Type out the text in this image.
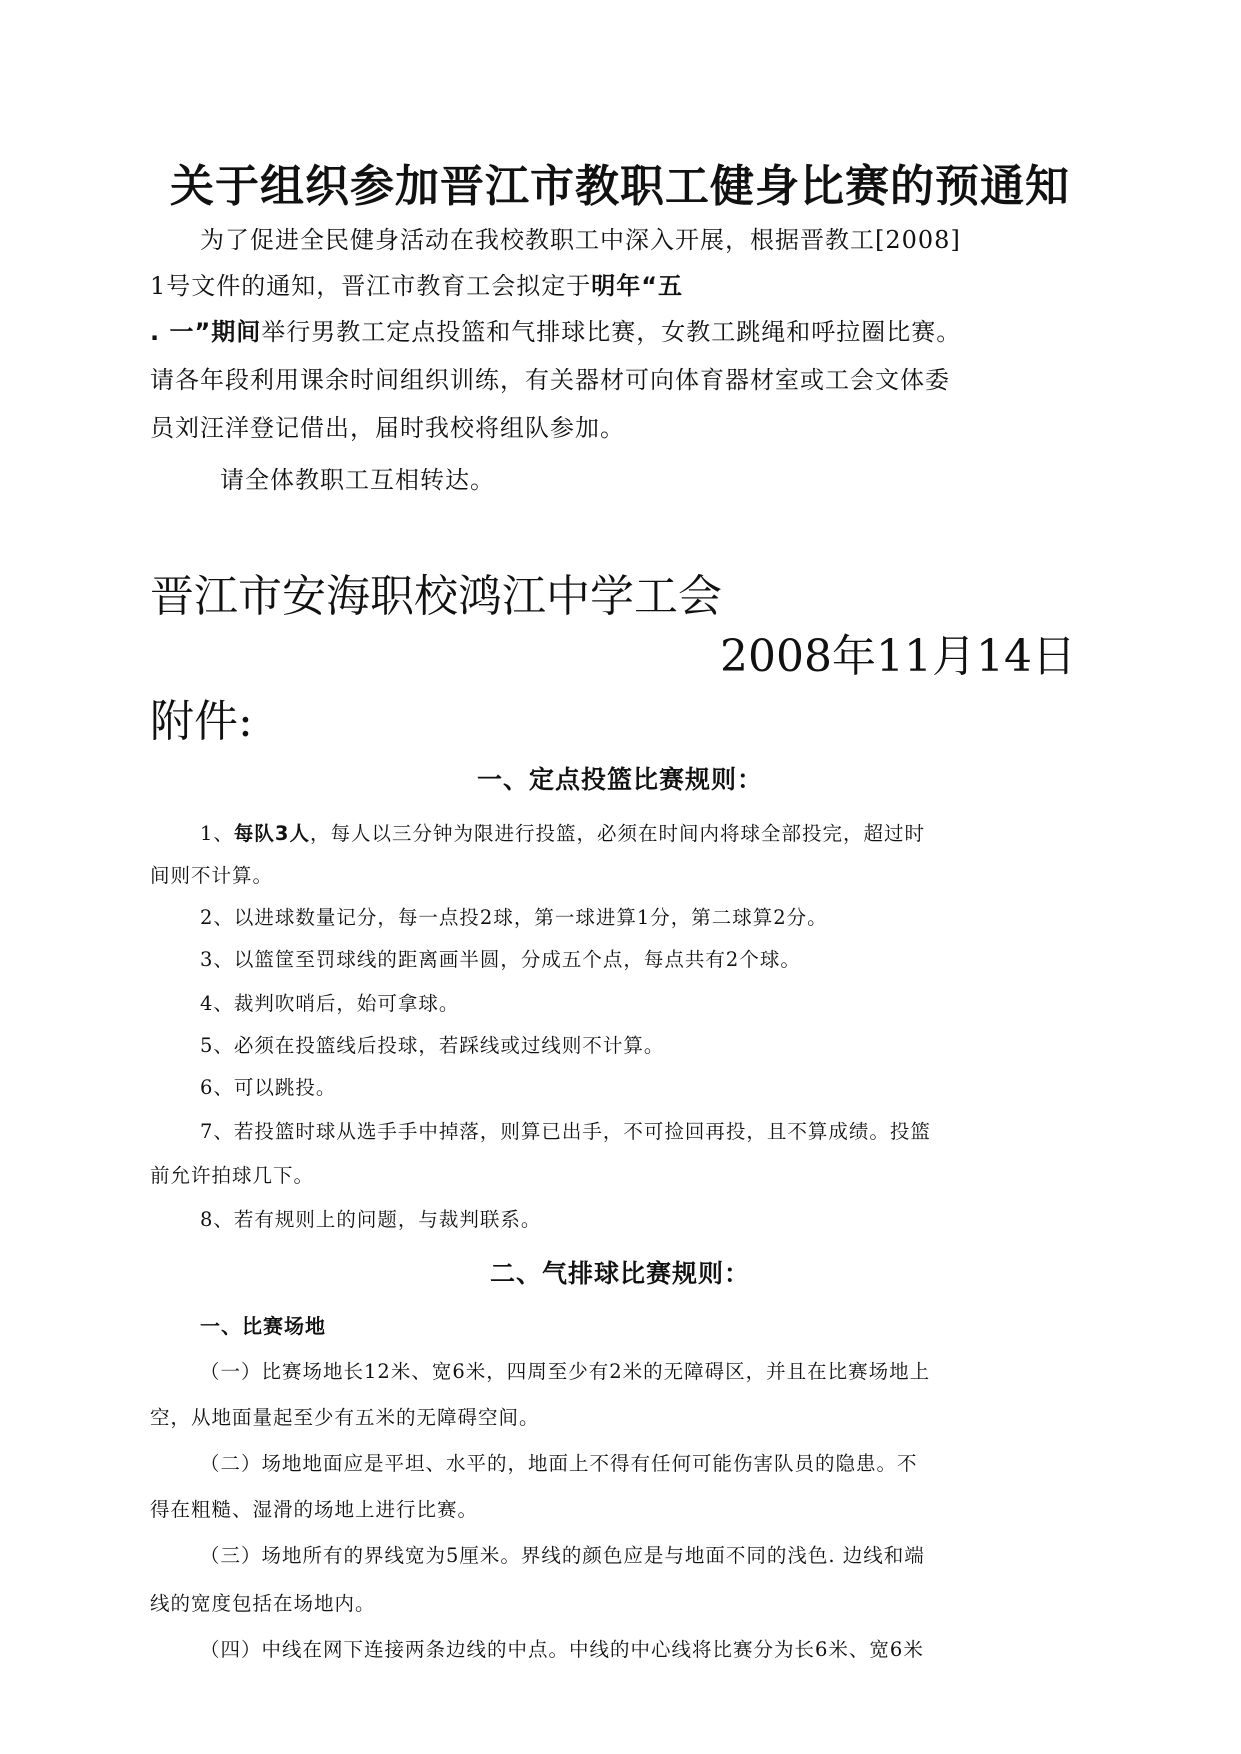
关于组织参加晋江市教职工健身比赛的预通知
为了促进全民健身活动在我校教职工中深入开展，根据晋教工[2008]
1号文件的通知，晋江市教育工会拟定于明年“五
. 一”期间举行男教工定点投篮和气排球比赛，女教工跳绳和呼拉圈比赛。
请各年段利用课余时间组织训练，有关器材可向体育器材室或工会文体委
员刘汪洋登记借出，届时我校将组队参加。
请全体教职工互相转达。
晋江市安海职校鸿江中学工会
2008年11月14日
附件:
一、定点投篮比赛规则：
1、每队3人，每人以三分钟为限进行投篮，必须在时间内将球全部投完，超过时
间则不计算。
2、以进球数量记分，每一点投2球，第一球进算1分，第二球算2分。
3、以篮筐至罚球线的距离画半圆，分成五个点，每点共有2个球。
4、裁判吹哨后，始可拿球。
5、必须在投篮线后投球，若踩线或过线则不计算。
6、可以跳投。
7、若投篮时球从选手手中掉落，则算已出手，不可捡回再投，且不算成绩。投篮
前允许拍球几下。
8、若有规则上的问题，与裁判联系。
二、气排球比赛规则：
一、比赛场地
（一）比赛场地长12米、宽6米，四周至少有2米的无障碍区，并且在比赛场地上
空，从地面量起至少有五米的无障碍空间。
（二）场地地面应是平坦、水平的，地面上不得有任何可能伤害队员的隐患。不
得在粗糙、湿滑的场地上进行比赛。
（三）场地所有的界线宽为5厘米。界线的颜色应是与地面不同的浅色. 边线和端
线的宽度包括在场地内。
（四）中线在网下连接两条边线的中点。中线的中心线将比赛分为长6米、宽6米
